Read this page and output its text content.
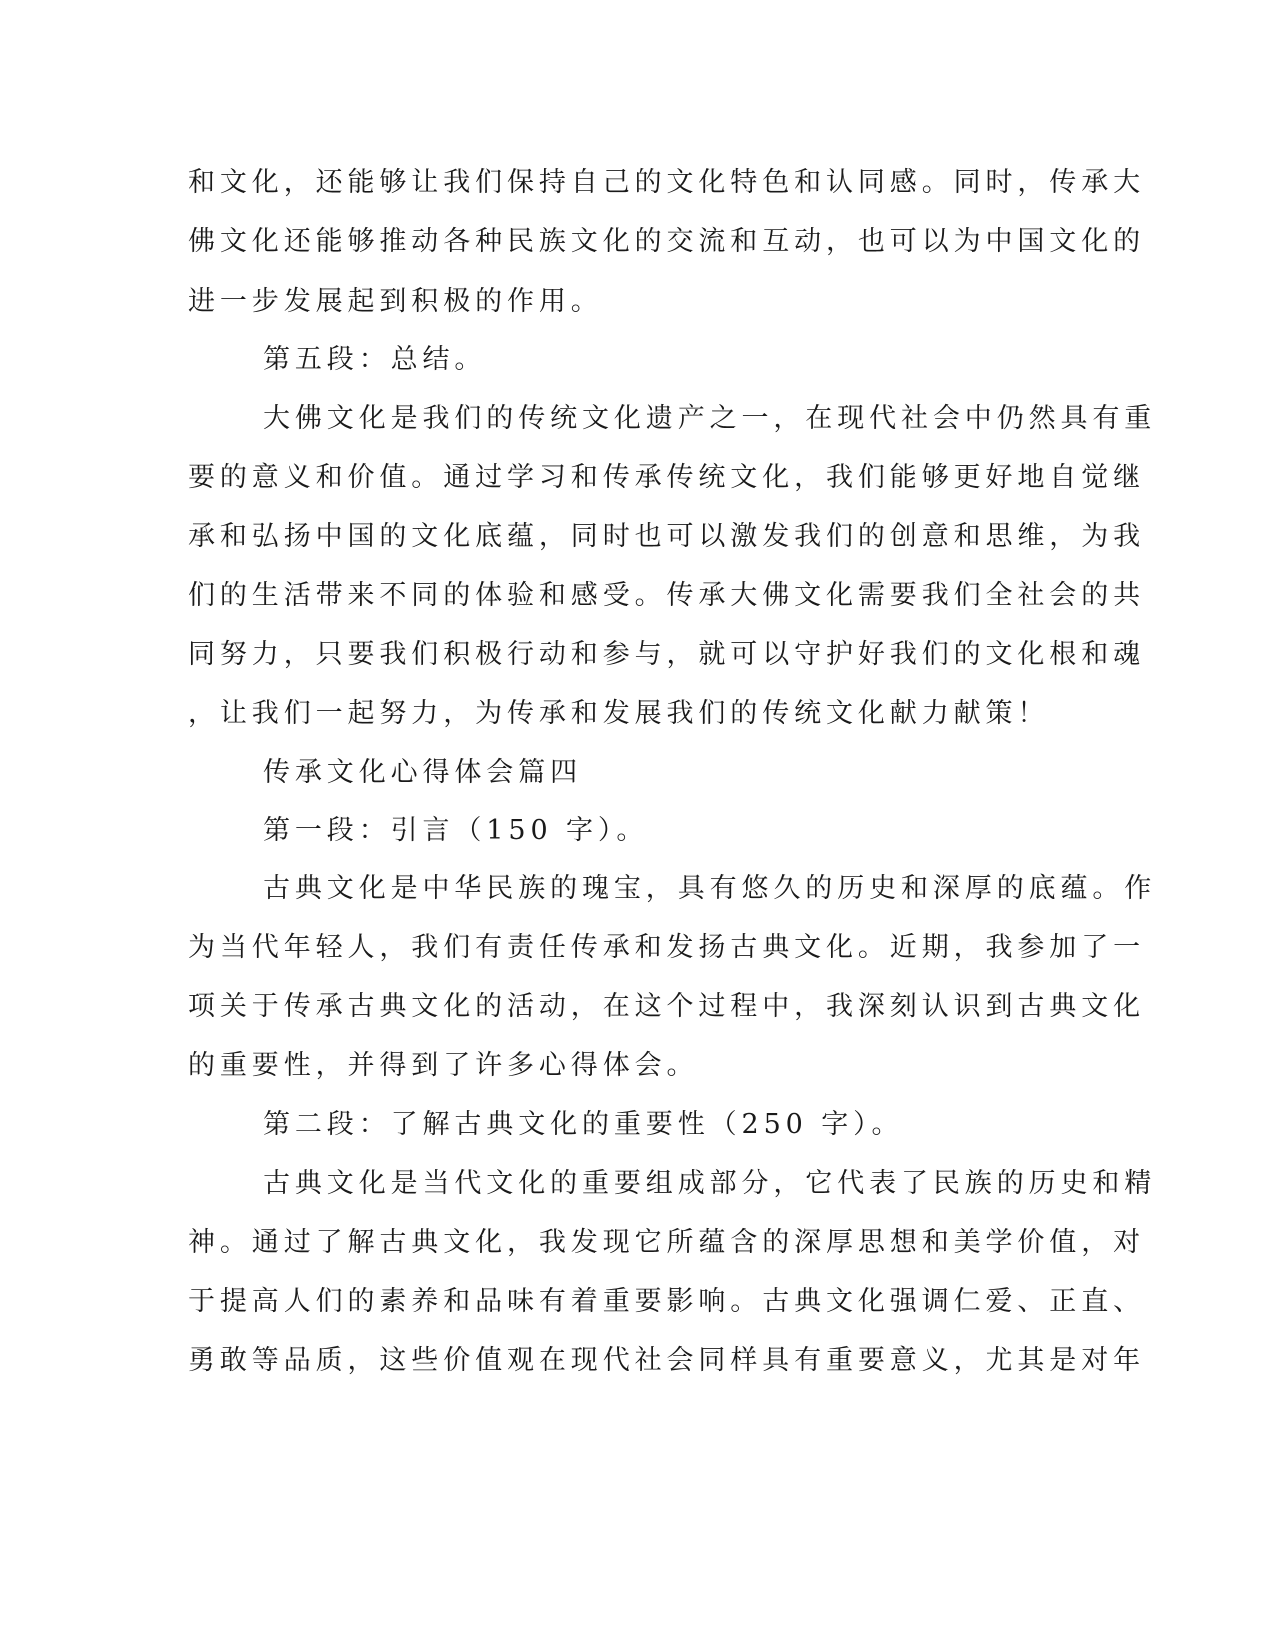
和文化，还能够让我们保持自己的文化特色和认同感。同时，传承大
佛文化还能够推动各种民族文化的交流和互动，也可以为中国文化的
进一步发展起到积极的作用。
第五段：总结。
大佛文化是我们的传统文化遗产之一，在现代社会中仍然具有重
要的意义和价值。通过学习和传承传统文化，我们能够更好地自觉继
承和弘扬中国的文化底蕴，同时也可以激发我们的创意和思维，为我
们的生活带来不同的体验和感受。传承大佛文化需要我们全社会的共
同努力，只要我们积极行动和参与，就可以守护好我们的文化根和魂
，让我们一起努力，为传承和发展我们的传统文化献力献策！
传承文化心得体会篇四
第一段：引言（150 字）。
古典文化是中华民族的瑰宝，具有悠久的历史和深厚的底蕴。作
为当代年轻人，我们有责任传承和发扬古典文化。近期，我参加了一
项关于传承古典文化的活动，在这个过程中，我深刻认识到古典文化
的重要性，并得到了许多心得体会。
第二段：了解古典文化的重要性（250 字）。
古典文化是当代文化的重要组成部分，它代表了民族的历史和精
神。通过了解古典文化，我发现它所蕴含的深厚思想和美学价值，对
于提高人们的素养和品味有着重要影响。古典文化强调仁爱、正直、
勇敢等品质，这些价值观在现代社会同样具有重要意义，尤其是对年
